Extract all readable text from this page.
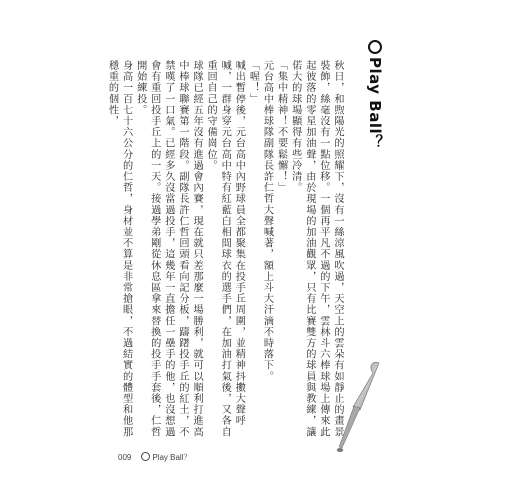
Play Ball？

秋日，和煦陽光的照耀下，沒有一絲涼風吹過，天空上的雲朵有如靜止的畫景裝飾，絲毫沒有一點位移。一個再平凡不過的下午，雲林斗六棒球場上傳來此起彼落的零星加油聲，由於現場的加油觀眾，只有比賽雙方的球員與教練，讓偌大的球場顯得有些冷清。

「集中精神！不要鬆懈！」

元台高中棒球隊副隊長許仁哲大聲喊著，額上斗大汗滴不時落下。

「喔！」

喊出暫停後，元台高中內野球員全都聚集在投手丘周圍，並精神抖擻大聲呼喊，一群身穿元台高中特有紅藍白相間球衣的選手們，在加油打氣後，又各自重回自己的守備崗位。

球隊已經五年沒有進過會內賽，現在就只差那麼一場勝利，就可以順利打進高中棒球聯賽第一階段。副隊長許仁哲回頭看向記分板，躊躇投手丘的紅土，不禁嘆了一口氣。已經多久沒當過投手，這幾年一直擔任一壘手的他，也沒想過會有重回投手丘上的一天。接過學弟剛從休息區拿來替換的投手手套後，仁哲開始練投。

身高一百七十六公分的仁哲，身材並不算是非常搶眼，不過結實的體型和他那穩重的個性，

009	Play Ball？
